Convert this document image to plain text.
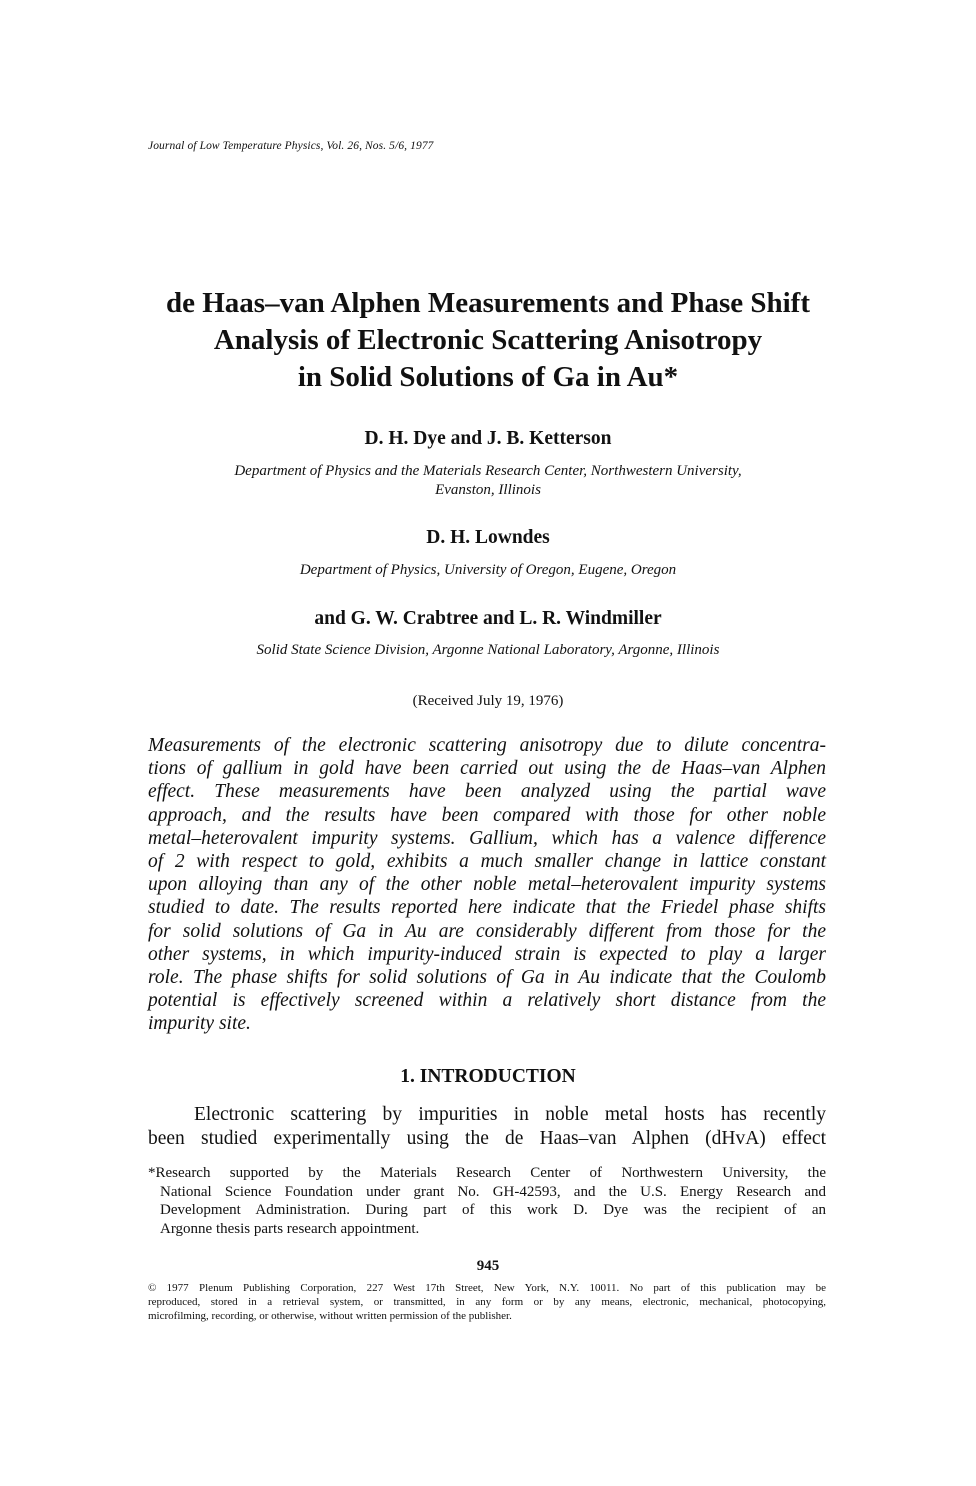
Journal of Low Temperature Physics, Vol. 26, Nos. 5/6, 1977
de Haas–van Alphen Measurements and Phase Shift
Analysis of Electronic Scattering Anisotropy
in Solid Solutions of Ga in Au*
D. H. Dye and J. B. Ketterson
Department of Physics and the Materials Research Center, Northwestern University,
Evanston, Illinois
D. H. Lowndes
Department of Physics, University of Oregon, Eugene, Oregon
and G. W. Crabtree and L. R. Windmiller
Solid State Science Division, Argonne National Laboratory, Argonne, Illinois
(Received July 19, 1976)
Measurements of the electronic scattering anisotropy due to dilute concentra-
tions of gallium in gold have been carried out using the de Haas–van Alphen
effect. These measurements have been analyzed using the partial wave
approach, and the results have been compared with those for other noble
metal–heterovalent impurity systems. Gallium, which has a valence difference
of 2 with respect to gold, exhibits a much smaller change in lattice constant
upon alloying than any of the other noble metal–heterovalent impurity systems
studied to date. The results reported here indicate that the Friedel phase shifts
for solid solutions of Ga in Au are considerably different from those for the
other systems, in which impurity-induced strain is expected to play a larger
role. The phase shifts for solid solutions of Ga in Au indicate that the Coulomb
potential is effectively screened within a relatively short distance from the
impurity site.
1. INTRODUCTION
Electronic scattering by impurities in noble metal hosts has recently
been studied experimentally using the de Haas–van Alphen (dHvA) effect
*Research supported by the Materials Research Center of Northwestern University, the
National Science Foundation under grant No. GH-42593, and the U.S. Energy Research and
Development Administration. During part of this work D. Dye was the recipient of an
Argonne thesis parts research appointment.
945
© 1977 Plenum Publishing Corporation, 227 West 17th Street, New York, N.Y. 10011. No part of this publication may be
reproduced, stored in a retrieval system, or transmitted, in any form or by any means, electronic, mechanical, photocopying,
microfilming, recording, or otherwise, without written permission of the publisher.
